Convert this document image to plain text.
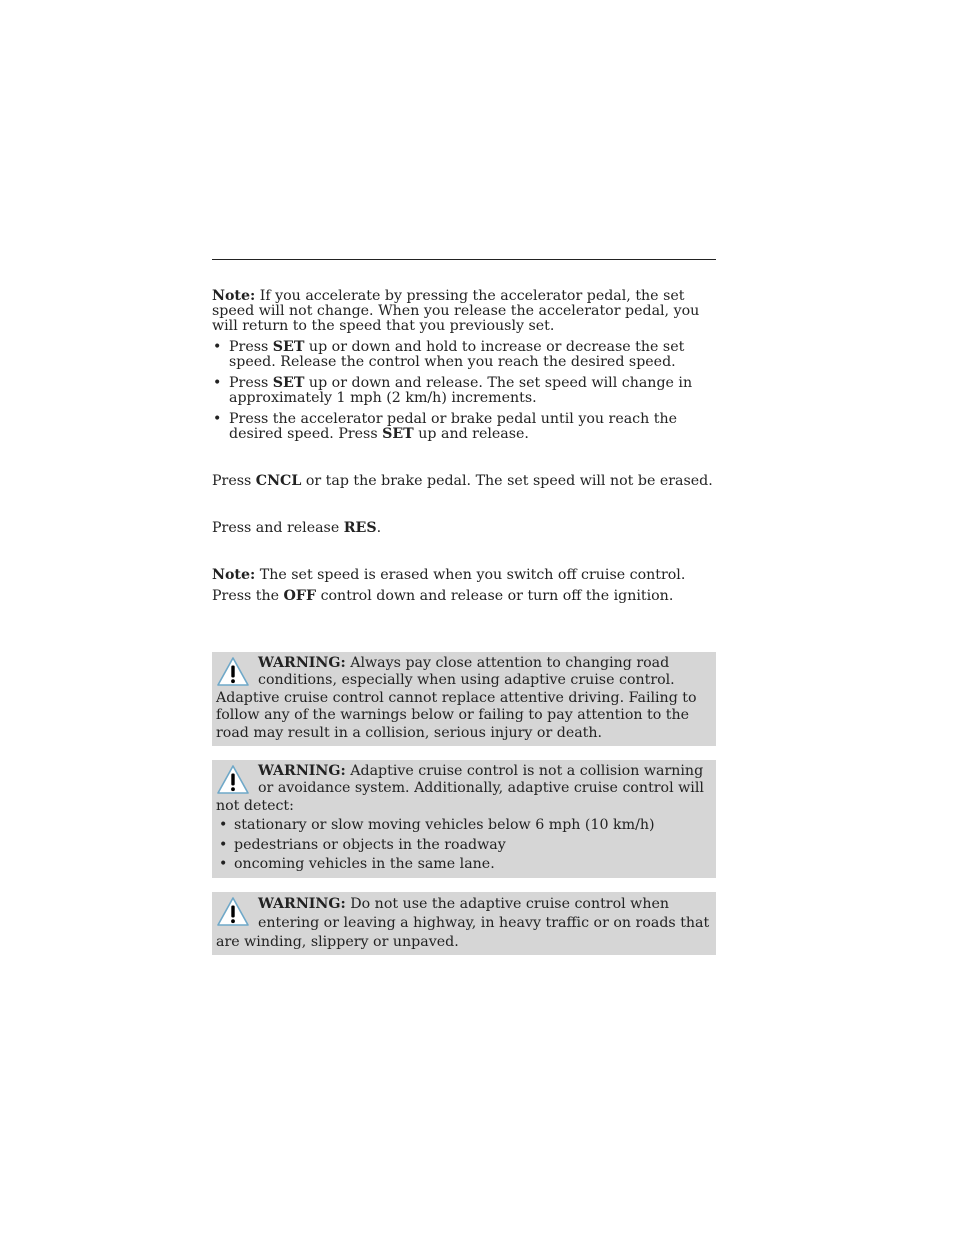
Note: If you accelerate by pressing the accelerator pedal, the set speed will not change. When you release the accelerator pedal, you will return to the speed that you previously set.
• Press SET up or down and hold to increase or decrease the set speed. Release the control when you reach the desired speed.
• Press SET up or down and release. The set speed will change in approximately 1 mph (2 km/h) increments.
• Press the accelerator pedal or brake pedal until you reach the desired speed. Press SET up and release.
Press CNCL or tap the brake pedal. The set speed will not be erased.
Press and release RES.
Note: The set speed is erased when you switch off cruise control.
Press the OFF control down and release or turn off the ignition.
WARNING: Always pay close attention to changing road conditions, especially when using adaptive cruise control. Adaptive cruise control cannot replace attentive driving. Failing to follow any of the warnings below or failing to pay attention to the road may result in a collision, serious injury or death.
WARNING: Adaptive cruise control is not a collision warning or avoidance system. Additionally, adaptive cruise control will not detect:
• stationary or slow moving vehicles below 6 mph (10 km/h)
• pedestrians or objects in the roadway
• oncoming vehicles in the same lane.
WARNING: Do not use the adaptive cruise control when entering or leaving a highway, in heavy traffic or on roads that are winding, slippery or unpaved.
